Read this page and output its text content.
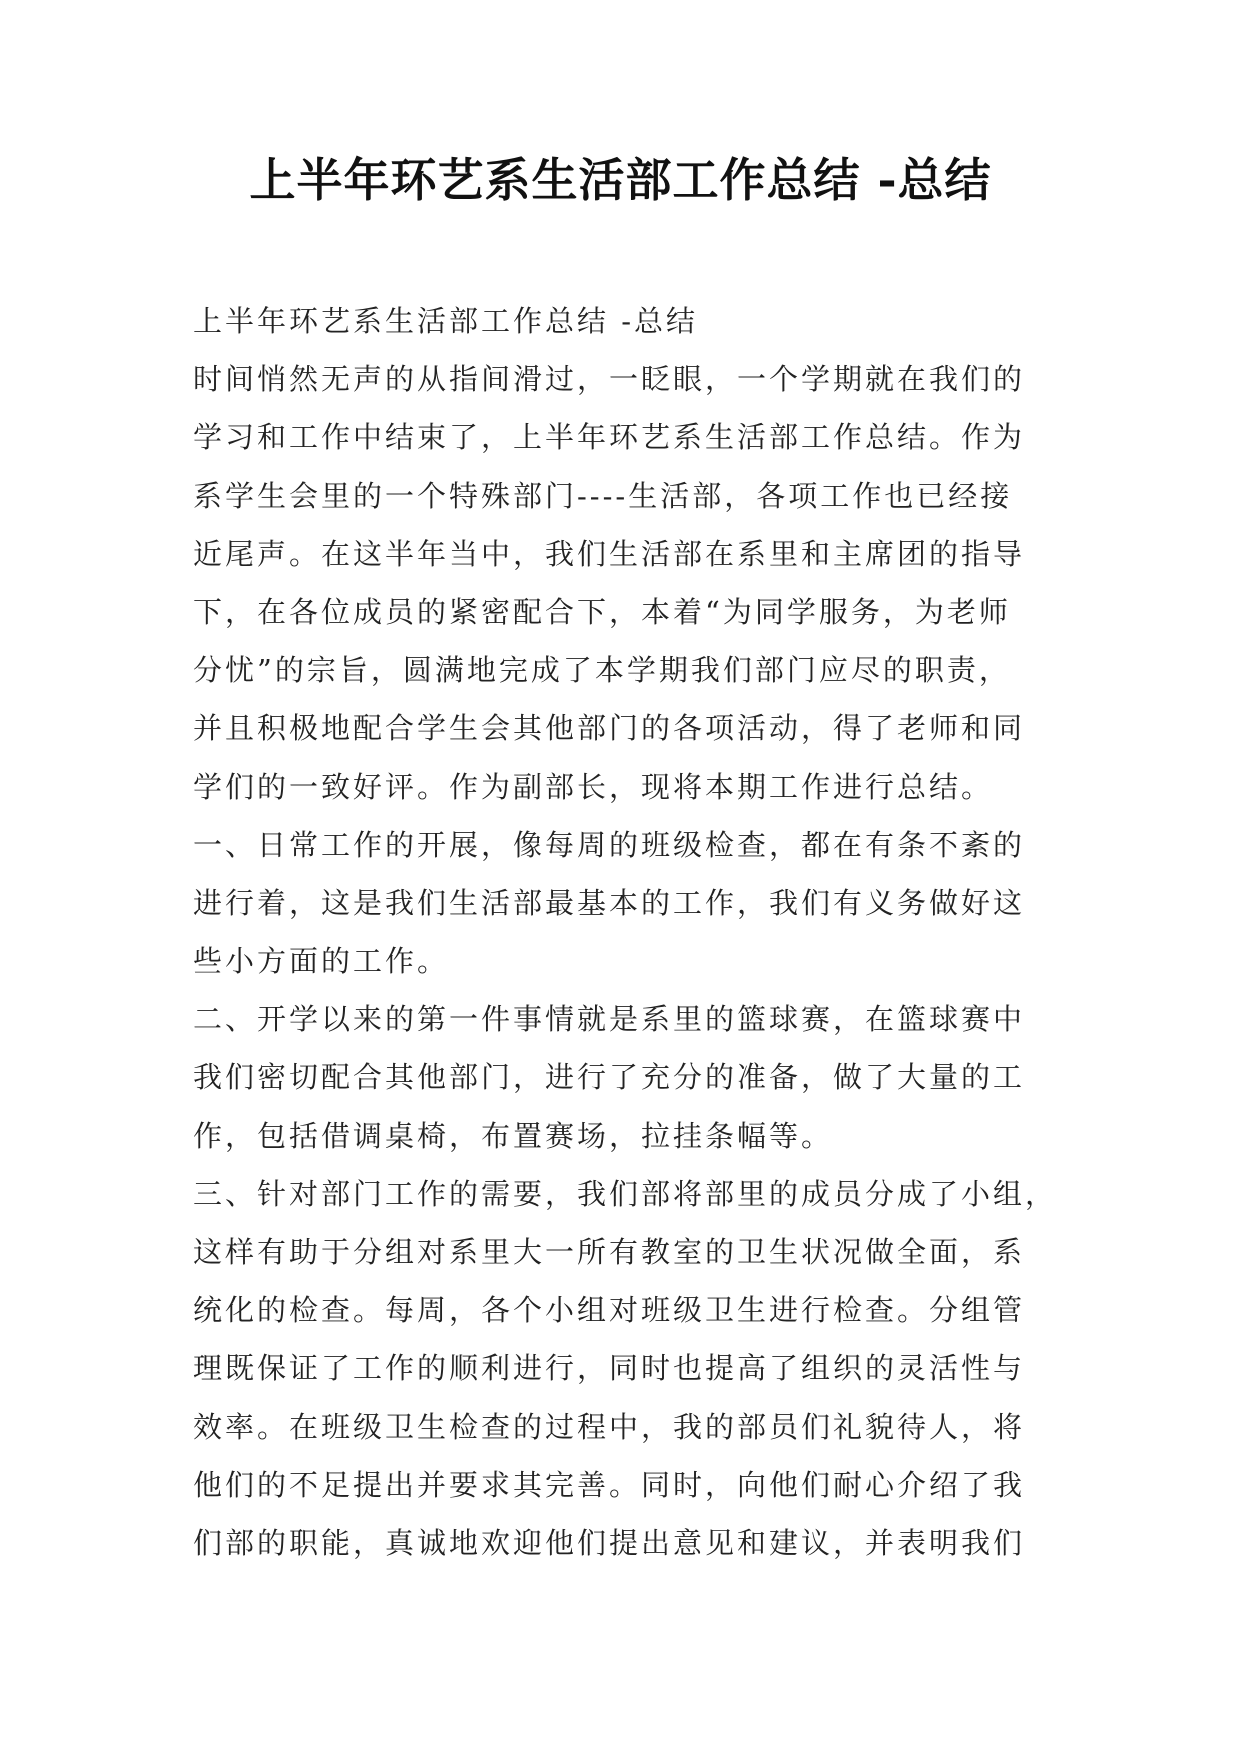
上半年环艺系生活部工作总结 -总结
上半年环艺系生活部工作总结 -总结
时间悄然无声的从指间滑过，一眨眼，一个学期就在我们的
学习和工作中结束了，上半年环艺系生活部工作总结。作为
系学生会里的一个特殊部门----生活部，各项工作也已经接
近尾声。在这半年当中，我们生活部在系里和主席团的指导
下，在各位成员的紧密配合下，本着“为同学服务，为老师
分忧”的宗旨，圆满地完成了本学期我们部门应尽的职责，
并且积极地配合学生会其他部门的各项活动，得了老师和同
学们的一致好评。作为副部长，现将本期工作进行总结。
一、日常工作的开展，像每周的班级检查，都在有条不紊的
进行着，这是我们生活部最基本的工作，我们有义务做好这
些小方面的工作。
二、开学以来的第一件事情就是系里的篮球赛，在篮球赛中
我们密切配合其他部门，进行了充分的准备，做了大量的工
作，包括借调桌椅，布置赛场，拉挂条幅等。
三、针对部门工作的需要，我们部将部里的成员分成了小组，
这样有助于分组对系里大一所有教室的卫生状况做全面，系
统化的检查。每周，各个小组对班级卫生进行检查。分组管
理既保证了工作的顺利进行，同时也提高了组织的灵活性与
效率。在班级卫生检查的过程中，我的部员们礼貌待人，将
他们的不足提出并要求其完善。同时，向他们耐心介绍了我
们部的职能，真诚地欢迎他们提出意见和建议，并表明我们
